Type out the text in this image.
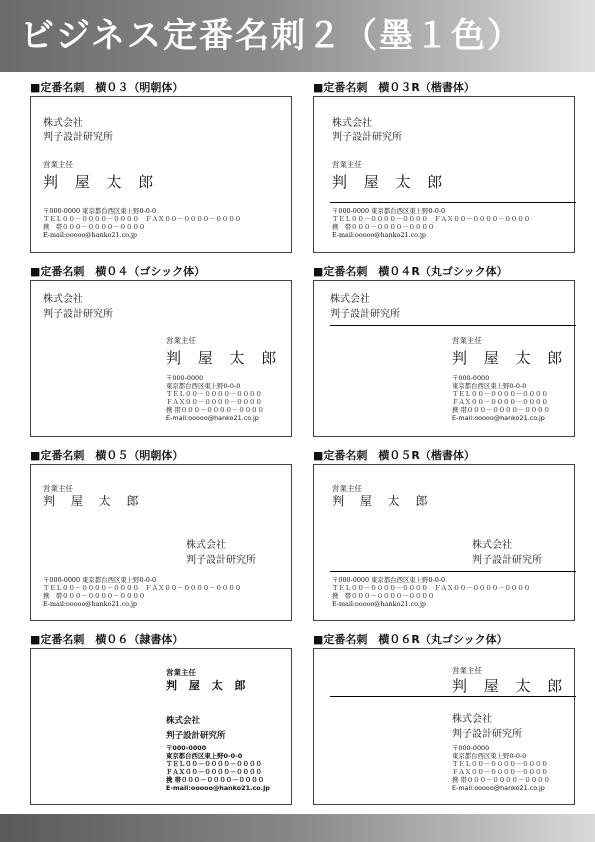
ビジネス定番名刺２（墨１色）
■定番名刺　横０３（明朝体）
株式会社
判子設計研究所
営業主任
判 屋 太 郎
〒000-0000 東京都台西区東上野0-0-0
ＴＥＬ００－００００－００００　ＦＡＸ００－００００－００００
携　帯０００－００００－００００
E-mail:ooooo@hanko21.co.jp
■定番名刺　横０３R（楷書体）
株式会社
判子設計研究所
営業主任
判 屋 太 郎
〒000-0000 東京都台西区東上野0-0-0
ＴＥＬ００－００００－００００　ＦＡＸ００－００００－００００
携　帯０００－００００－００００
E-mail:ooooo@hanko21.co.jp
■定番名刺　横０４（ゴシック体）
株式会社
判子設計研究所
営業主任
判 屋 太 郎
〒000-0000
東京都台西区東上野0-0-0
ＴＥＬ００－００００－００００
ＦＡＸ００－００００－００００
携 帯０００－００００－００００
E-mail:ooooo@hanko21.co.jp
■定番名刺　横０４R（丸ゴシック体）
株式会社
判子設計研究所
営業主任
判 屋 太 郎
〒000-0000
東京都台西区東上野0-0-0
ＴＥＬ００－００００－００００
ＦＡＸ００－００００－００００
携 帯０００－００００－００００
E-mail:ooooo@hanko21.co.jp
■定番名刺　横０５（明朝体）
営業主任
判 屋 太 郎
株式会社
判子設計研究所
〒000-0000 東京都台西区東上野0-0-0
ＴＥＬ００－００００－００００　ＦＡＸ００－００００－００００
携　帯０００－００００－００００
E-mail:ooooo@hanko21.co.jp
■定番名刺　横０５R（楷書体）
営業主任
判 屋 太 郎
株式会社
判子設計研究所
〒000-0000 東京都台西区東上野0-0-0
ＴＥＬ００－００００－００００　ＦＡＸ００－００００－００００
携　帯０００－００００－００００
E-mail:ooooo@hanko21.co.jp
■定番名刺　横０６（隷書体）
営業主任
判 屋 太 郎
株式会社
判子設計研究所
〒000-0000
東京都台西区東上野0-0-0
ＴＥＬ００－００００－００００
ＦＡＸ００－００００－００００
携 帯０００－００００－００００
E-mail:ooooo@hanko21.co.jp
■定番名刺　横０６R（丸ゴシック体）
営業主任
判 屋 太 郎
株式会社
判子設計研究所
〒000-0000
東京都台西区東上野0-0-0
ＴＥＬ００－００００－００００
ＦＡＸ００－００００－００００
携 帯０００－００００－００００
E-mail:ooooo@hanko21.co.jp
